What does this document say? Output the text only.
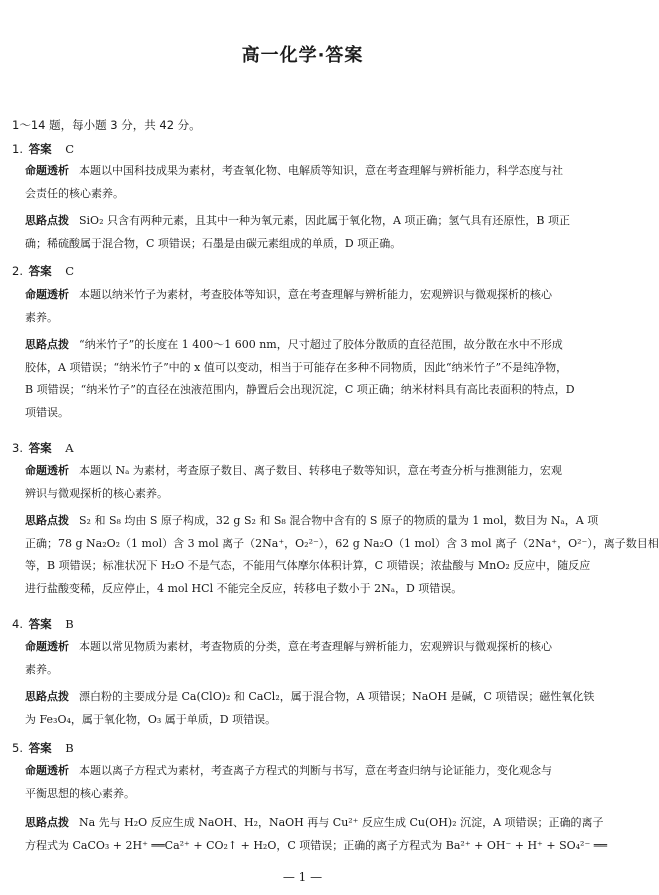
高一化学·答案
1～14 题，每小题 3 分，共 42 分。
1. 答案 C
命题透析 本题以中国科技成果为素材，考查氧化物、电解质等知识，意在考查理解与辨析能力，科学态度与社
会责任的核心素养。
思路点拨 SiO₂ 只含有两种元素，且其中一种为氧元素，因此属于氧化物，A 项正确；氢气具有还原性，B 项正
确；稀硫酸属于混合物，C 项错误；石墨是由碳元素组成的单质，D 项正确。
2. 答案 C
命题透析 本题以纳米竹子为素材，考查胶体等知识，意在考查理解与辨析能力，宏观辨识与微观探析的核心
素养。
思路点拨 “纳米竹子”的长度在 1 400～1 600 nm，尺寸超过了胶体分散质的直径范围，故分散在水中不形成
胶体，A 项错误；“纳米竹子”中的 x 值可以变动，相当于可能存在多种不同物质，因此“纳米竹子”不是纯净物，
B 项错误；“纳米竹子”的直径在浊液范围内，静置后会出现沉淀，C 项正确；纳米材料具有高比表面积的特点，D
项错误。
3. 答案 A
命题透析 本题以 Nₐ 为素材，考查原子数目、离子数目、转移电子数等知识，意在考查分析与推测能力，宏观
辨识与微观探析的核心素养。
思路点拨 S₂ 和 S₈ 均由 S 原子构成，32 g S₂ 和 S₈ 混合物中含有的 S 原子的物质的量为 1 mol，数目为 Nₐ，A 项
正确；78 g Na₂O₂（1 mol）含 3 mol 离子（2Na⁺，O₂²⁻），62 g Na₂O（1 mol）含 3 mol 离子（2Na⁺，O²⁻），离子数目相
等，B 项错误；标准状况下 H₂O 不是气态，不能用气体摩尔体积计算，C 项错误；浓盐酸与 MnO₂ 反应中，随反应
进行盐酸变稀，反应停止，4 mol HCl 不能完全反应，转移电子数小于 2Nₐ，D 项错误。
4. 答案 B
命题透析 本题以常见物质为素材，考查物质的分类，意在考查理解与辨析能力，宏观辨识与微观探析的核心
素养。
思路点拨 漂白粉的主要成分是 Ca(ClO)₂ 和 CaCl₂，属于混合物，A 项错误；NaOH 是碱，C 项错误；磁性氧化铁
为 Fe₃O₄，属于氧化物，O₃ 属于单质，D 项错误。
5. 答案 B
命题透析 本题以离子方程式为素材，考查离子方程式的判断与书写，意在考查归纳与论证能力，变化观念与
平衡思想的核心素养。
思路点拨 Na 先与 H₂O 反应生成 NaOH、H₂，NaOH 再与 Cu²⁺ 反应生成 Cu(OH)₂ 沉淀，A 项错误；正确的离子
方程式为 CaCO₃ + 2H⁺ ══Ca²⁺ + CO₂↑ + H₂O，C 项错误；正确的离子方程式为 Ba²⁺ + OH⁻ + H⁺ + SO₄²⁻ ══
— 1 —
